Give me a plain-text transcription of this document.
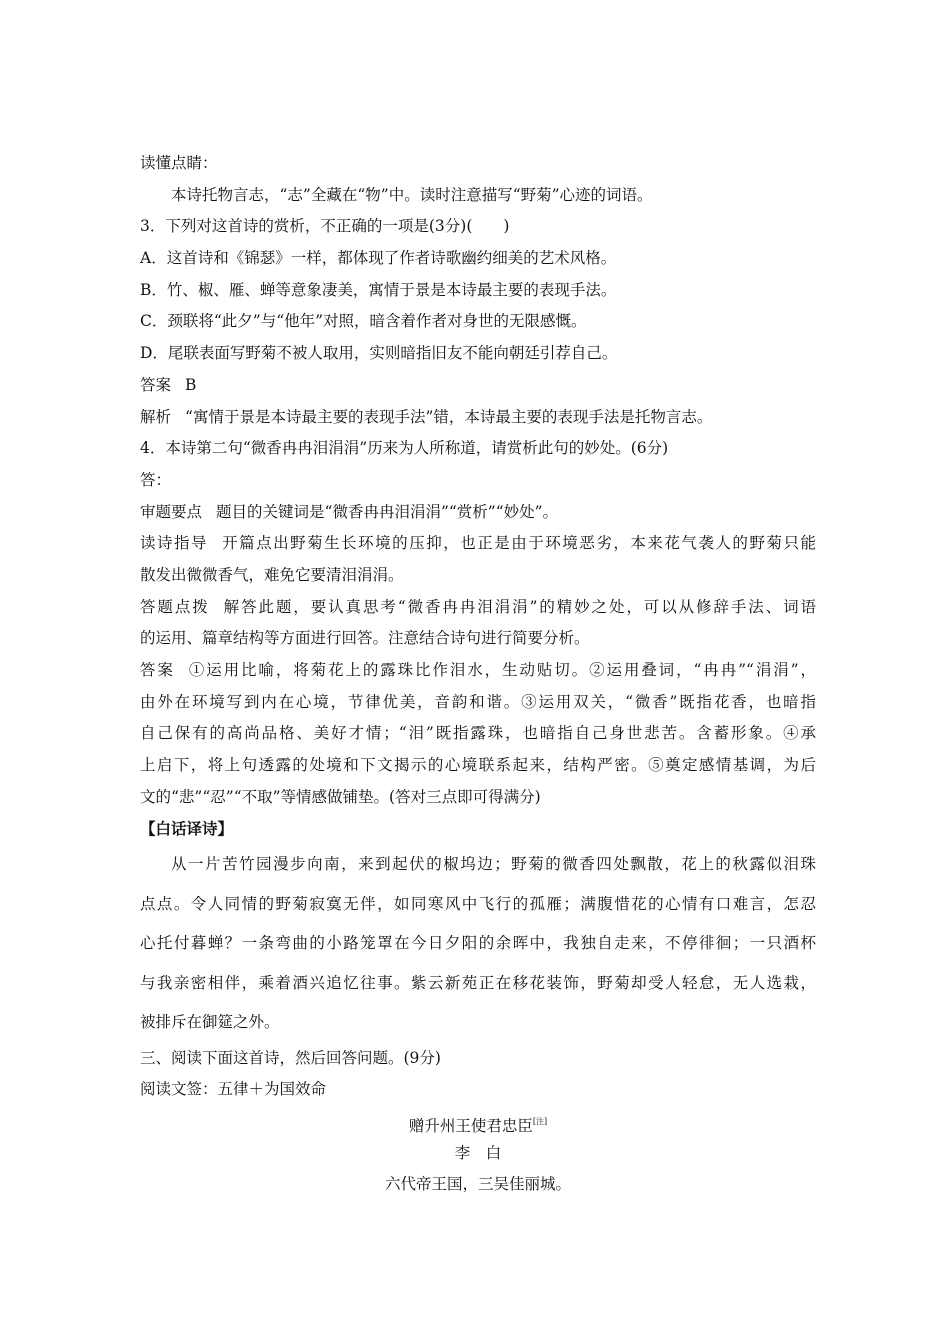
读懂点睛：
本诗托物言志，“志”全藏在“物”中。读时注意描写“野菊”心迹的词语。
3．下列对这首诗的赏析，不正确的一项是(3分)(　　)
A．这首诗和《锦瑟》一样，都体现了作者诗歌幽约细美的艺术风格。
B．竹、椒、雁、蝉等意象凄美，寓情于景是本诗最主要的表现手法。
C．颈联将“此夕”与“他年”对照，暗含着作者对身世的无限感慨。
D．尾联表面写野菊不被人取用，实则暗指旧友不能向朝廷引荐自己。
答案 B
解析 “寓情于景是本诗最主要的表现手法”错，本诗最主要的表现手法是托物言志。
4．本诗第二句“微香冉冉泪涓涓”历来为人所称道，请赏析此句的妙处。(6分)
答：
审题要点 题目的关键词是“微香冉冉泪涓涓”“赏析”“妙处”。
读诗指导 开篇点出野菊生长环境的压抑，也正是由于环境恶劣，本来花气袭人的野菊只能
散发出微微香气，难免它要清泪涓涓。
答题点拨 解答此题，要认真思考“微香冉冉泪涓涓”的精妙之处，可以从修辞手法、词语
的运用、篇章结构等方面进行回答。注意结合诗句进行简要分析。
答案 ①运用比喻，将菊花上的露珠比作泪水，生动贴切。②运用叠词，“冉冉”“涓涓”，
由外在环境写到内在心境，节律优美，音韵和谐。③运用双关，“微香”既指花香，也暗指
自己保有的高尚品格、美好才情；“泪”既指露珠，也暗指自己身世悲苦。含蓄形象。④承
上启下，将上句透露的处境和下文揭示的心境联系起来，结构严密。⑤奠定感情基调，为后
文的“悲”“忍”“不取”等情感做铺垫。(答对三点即可得满分)
【白话译诗】
从一片苦竹园漫步向南，来到起伏的椒坞边；野菊的微香四处飘散，花上的秋露似泪珠
点点。令人同情的野菊寂寞无伴，如同寒风中飞行的孤雁；满腹惜花的心情有口难言，怎忍
心托付暮蝉？一条弯曲的小路笼罩在今日夕阳的余晖中，我独自走来，不停徘徊；一只酒杯
与我亲密相伴，乘着酒兴追忆往事。紫云新苑正在移花装饰，野菊却受人轻怠，无人选栽，
被排斥在御筵之外。
三、阅读下面这首诗，然后回答问题。(9分)
阅读文签：五律＋为国效命
赠升州王使君忠臣[注]
李　白
六代帝王国，三吴佳丽城。
